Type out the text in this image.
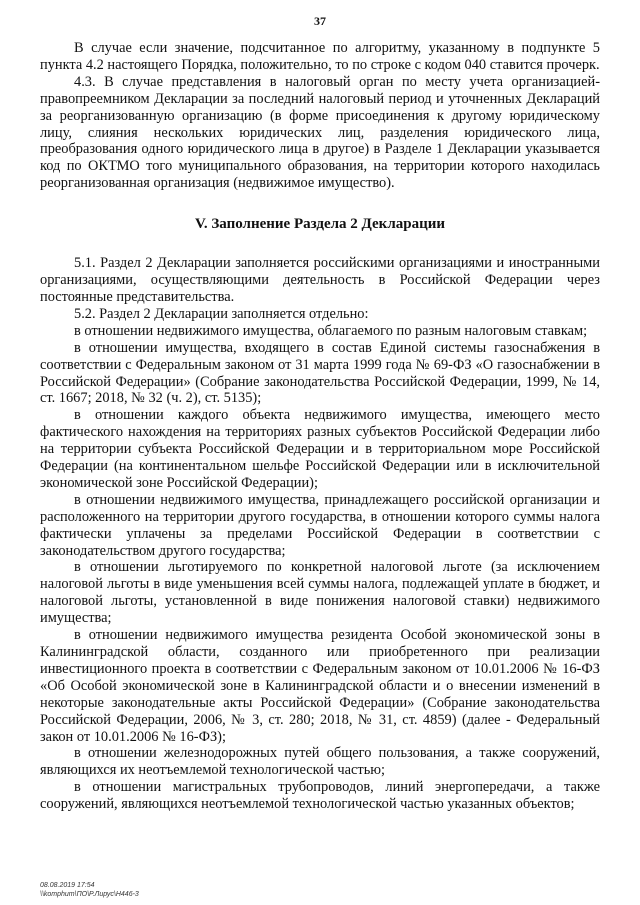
37

В случае если значение, подсчитанное по алгоритму, указанному в подпункте 5 пункта 4.2 настоящего Порядка, положительно, то по строке с кодом 040 ставится прочерк.

4.3. В случае представления в налоговый орган по месту учета организацией-правопреемником Декларации за последний налоговый период и уточненных Деклараций за реорганизованную организацию (в форме присоединения к другому юридическому лицу, слияния нескольких юридических лиц, разделения юридического лица, преобразования одного юридического лица в другое) в Разделе 1 Декларации указывается код по ОКТМО того муниципального образования, на территории которого находилась реорганизованная организация (недвижимое имущество).

V. Заполнение Раздела 2 Декларации

5.1. Раздел 2 Декларации заполняется российскими организациями и иностранными организациями, осуществляющими деятельность в Российской Федерации через постоянные представительства.

5.2. Раздел 2 Декларации заполняется отдельно:

в отношении недвижимого имущества, облагаемого по разным налоговым ставкам;

в отношении имущества, входящего в состав Единой системы газоснабжения в соответствии с Федеральным законом от 31 марта 1999 года № 69-ФЗ «О газоснабжении в Российской Федерации» (Собрание законодательства Российской Федерации, 1999, № 14, ст. 1667; 2018, № 32 (ч. 2), ст. 5135);

в отношении каждого объекта недвижимого имущества, имеющего место фактического нахождения на территориях разных субъектов Российской Федерации либо на территории субъекта Российской Федерации и в территориальном море Российской Федерации (на континентальном шельфе Российской Федерации или в исключительной экономической зоне Российской Федерации);

в отношении недвижимого имущества, принадлежащего российской организации и расположенного на территории другого государства, в отношении которого суммы налога фактически уплачены за пределами Российской Федерации в соответствии с законодательством другого государства;

в отношении льготируемого по конкретной налоговой льготе (за исключением налоговой льготы в виде уменьшения всей суммы налога, подлежащей уплате в бюджет, и налоговой льготы, установленной в виде понижения налоговой ставки) недвижимого имущества;

в отношении недвижимого имущества резидента Особой экономической зоны в Калининградской области, созданного или приобретенного при реализации инвестиционного проекта в соответствии с Федеральным законом от 10.01.2006 № 16-ФЗ «Об Особой экономической зоне в Калининградской области и о внесении изменений в некоторые законодательные акты Российской Федерации» (Собрание законодательства Российской Федерации, 2006, № 3, ст. 280; 2018, № 31, ст. 4859) (далее - Федеральный закон от 10.01.2006 № 16-ФЗ);

в отношении железнодорожных путей общего пользования, а также сооружений, являющихся их неотъемлемой технологической частью;

в отношении магистральных трубопроводов, линий энергопередачи, а также сооружений, являющихся неотъемлемой технологической частью указанных объектов;

08.08.2019 17:54
\\komphum\ПО\Р.Лирус\Н446-3
